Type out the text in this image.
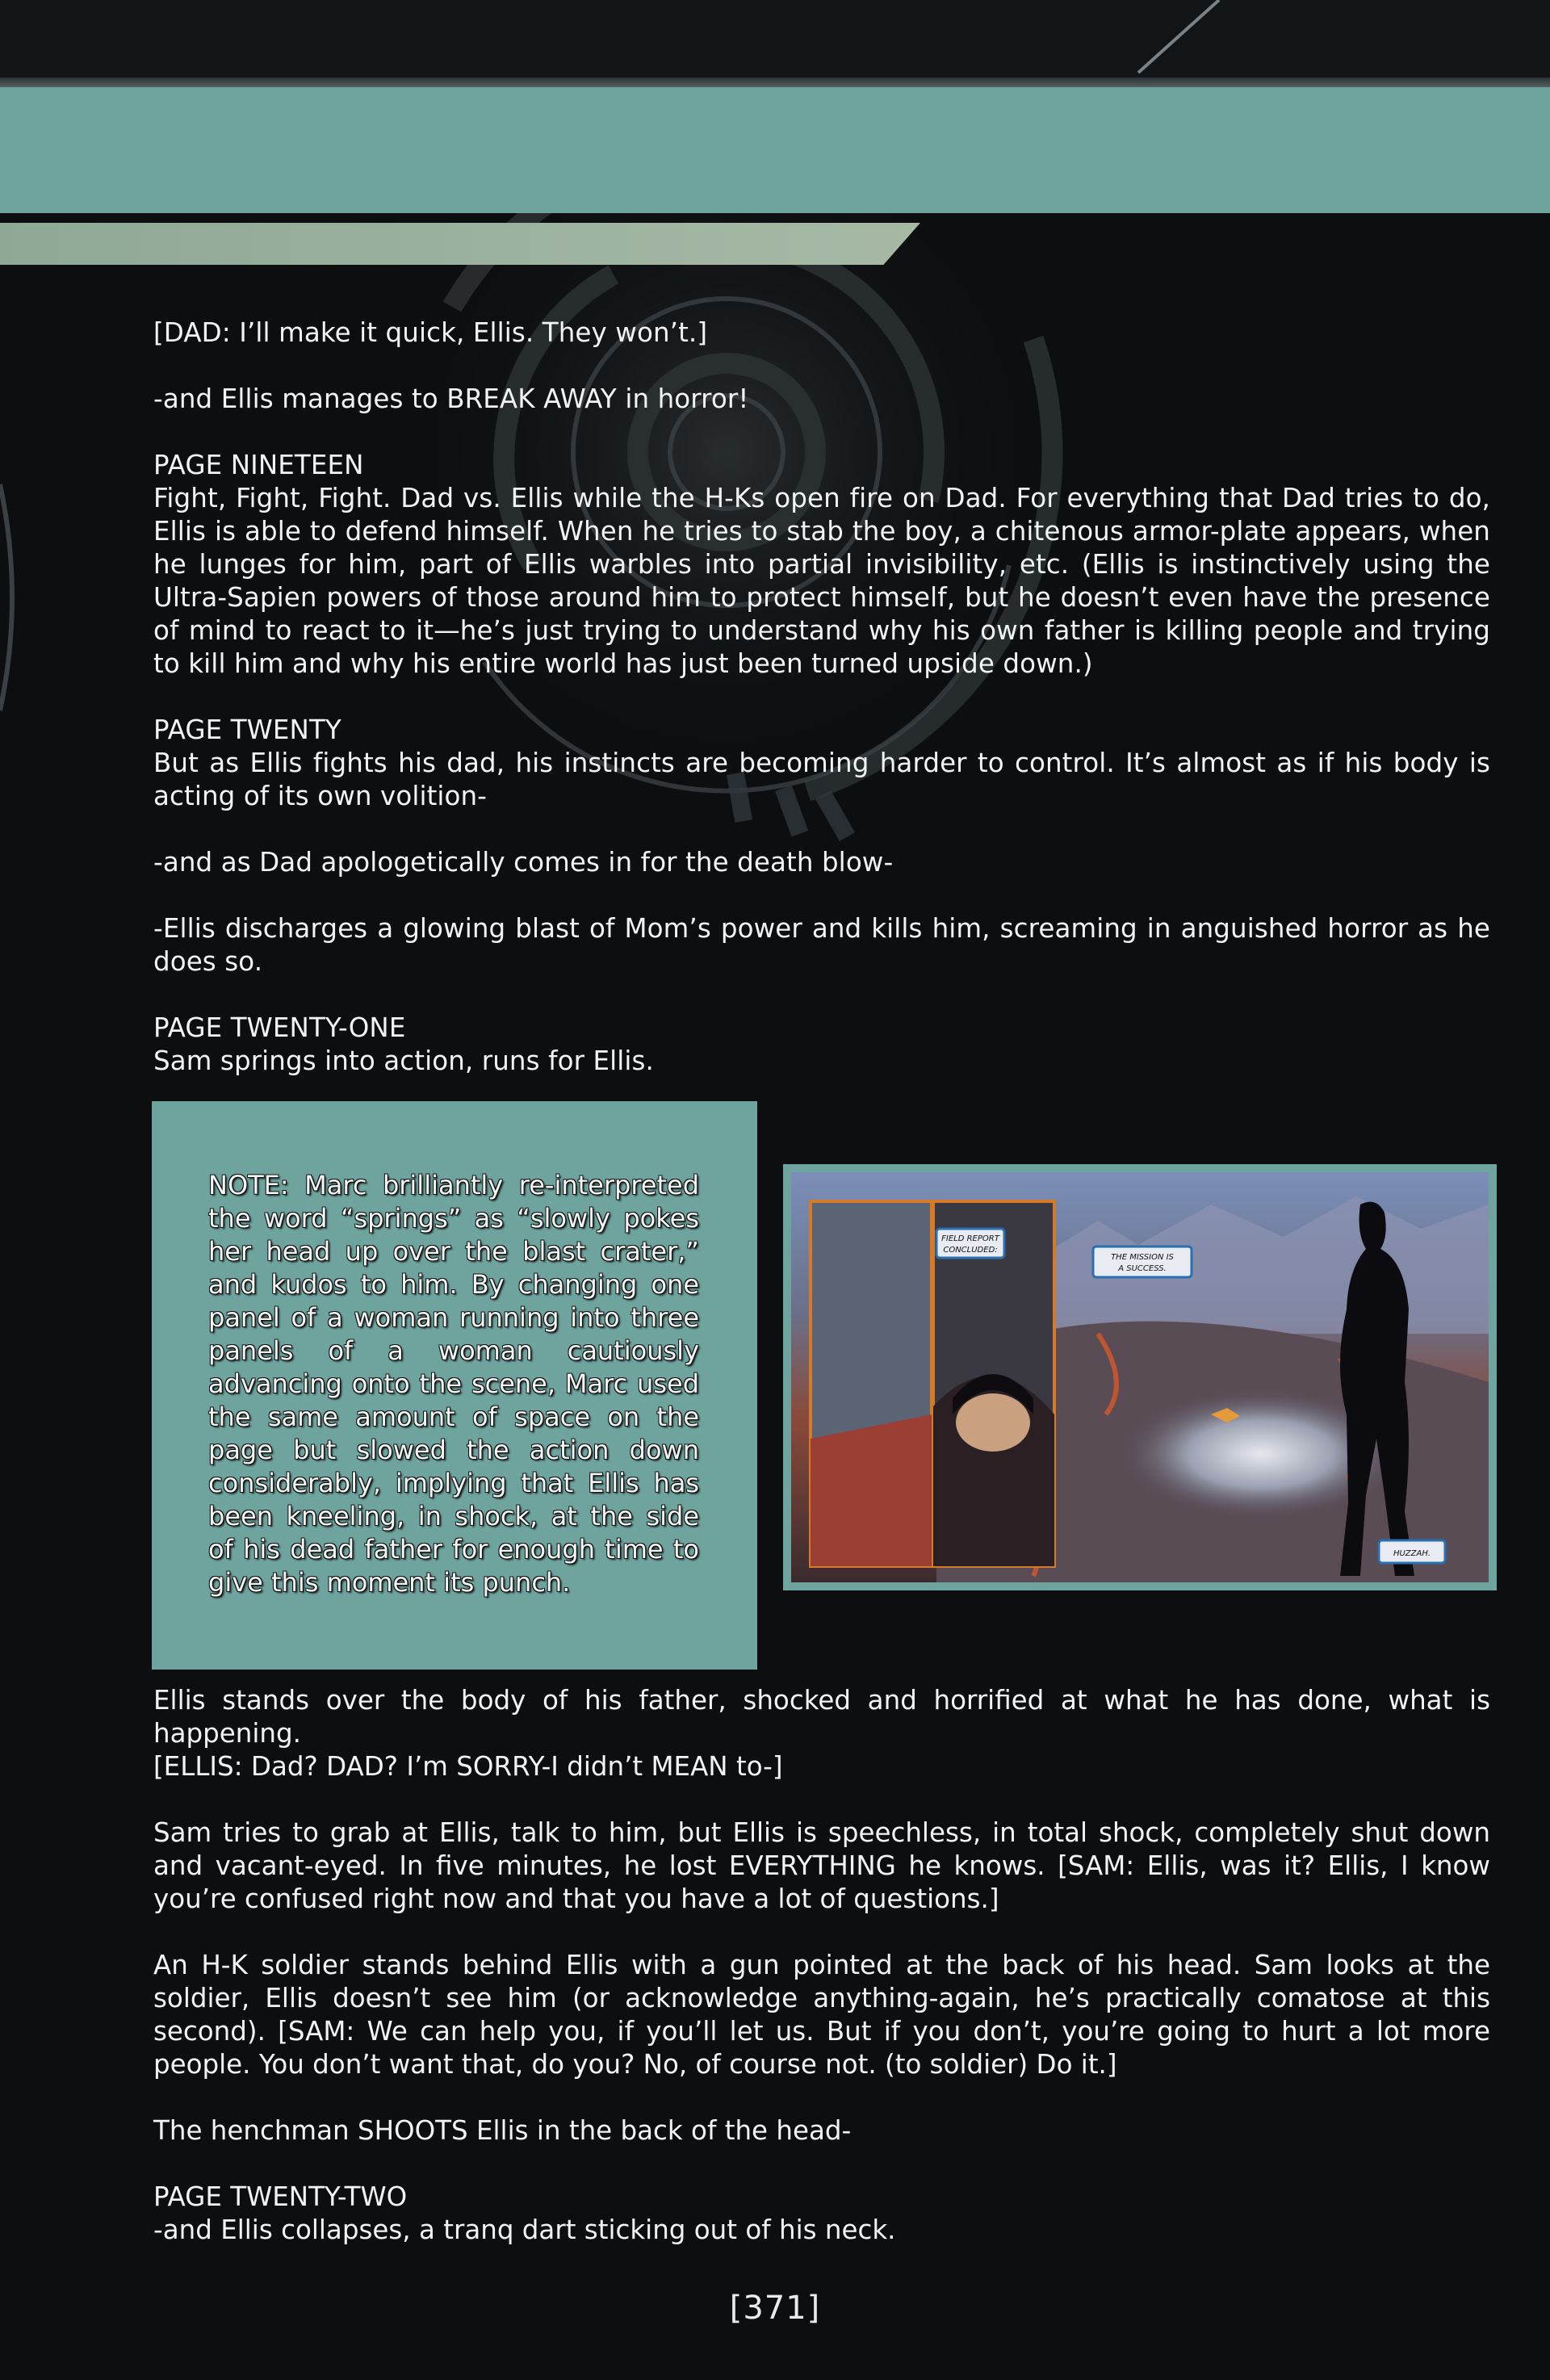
[DAD: I’ll make it quick, Ellis. They won’t.]

-and Ellis manages to BREAK AWAY in horror!

PAGE NINETEEN
Fight, Fight, Fight. Dad vs. Ellis while the H-Ks open fire on Dad. For everything that Dad tries to do, Ellis is able to defend himself. When he tries to stab the boy, a chitenous armor-plate appears, when he lunges for him, part of Ellis warbles into partial invisibility, etc. (Ellis is instinctively using the Ultra-Sapien powers of those around him to protect himself, but he doesn’t even have the presence of mind to react to it—he’s just trying to understand why his own father is killing people and trying to kill him and why his entire world has just been turned upside down.)

PAGE TWENTY
But as Ellis fights his dad, his instincts are becoming harder to control. It’s almost as if his body is acting of its own volition-

-and as Dad apologetically comes in for the death blow-

-Ellis discharges a glowing blast of Mom’s power and kills him, screaming in anguished horror as he does so.

PAGE TWENTY-ONE
Sam springs into action, runs for Ellis.

NOTE: Marc brilliantly re-interpreted the word “springs” as “slowly pokes her head up over the blast crater,” and kudos to him. By changing one panel of a woman running into three panels of a woman cautiously advancing onto the scene, Marc used the same amount of space on the page but slowed the action down considerably, implying that Ellis has been kneeling, in shock, at the side of his dead father for enough time to give this moment its punch.
FIELD REPORT
CONCLUDED:
THE MISSION IS
A SUCCESS.
HUZZAH.

Ellis stands over the body of his father, shocked and horrified at what he has done, what is happening.
[ELLIS: Dad? DAD? I’m SORRY-I didn’t MEAN to-]

Sam tries to grab at Ellis, talk to him, but Ellis is speechless, in total shock, completely shut down and vacant-eyed. In five minutes, he lost EVERYTHING he knows. [SAM: Ellis, was it? Ellis, I know you’re confused right now and that you have a lot of questions.]

An H-K soldier stands behind Ellis with a gun pointed at the back of his head. Sam looks at the soldier, Ellis doesn’t see him (or acknowledge anything-again, he’s practically comatose at this second). [SAM: We can help you, if you’ll let us. But if you don’t, you’re going to hurt a lot more people. You don’t want that, do you? No, of course not. (to soldier) Do it.]

The henchman SHOOTS Ellis in the back of the head-

PAGE TWENTY-TWO
-and Ellis collapses, a tranq dart sticking out of his neck.

[371]
